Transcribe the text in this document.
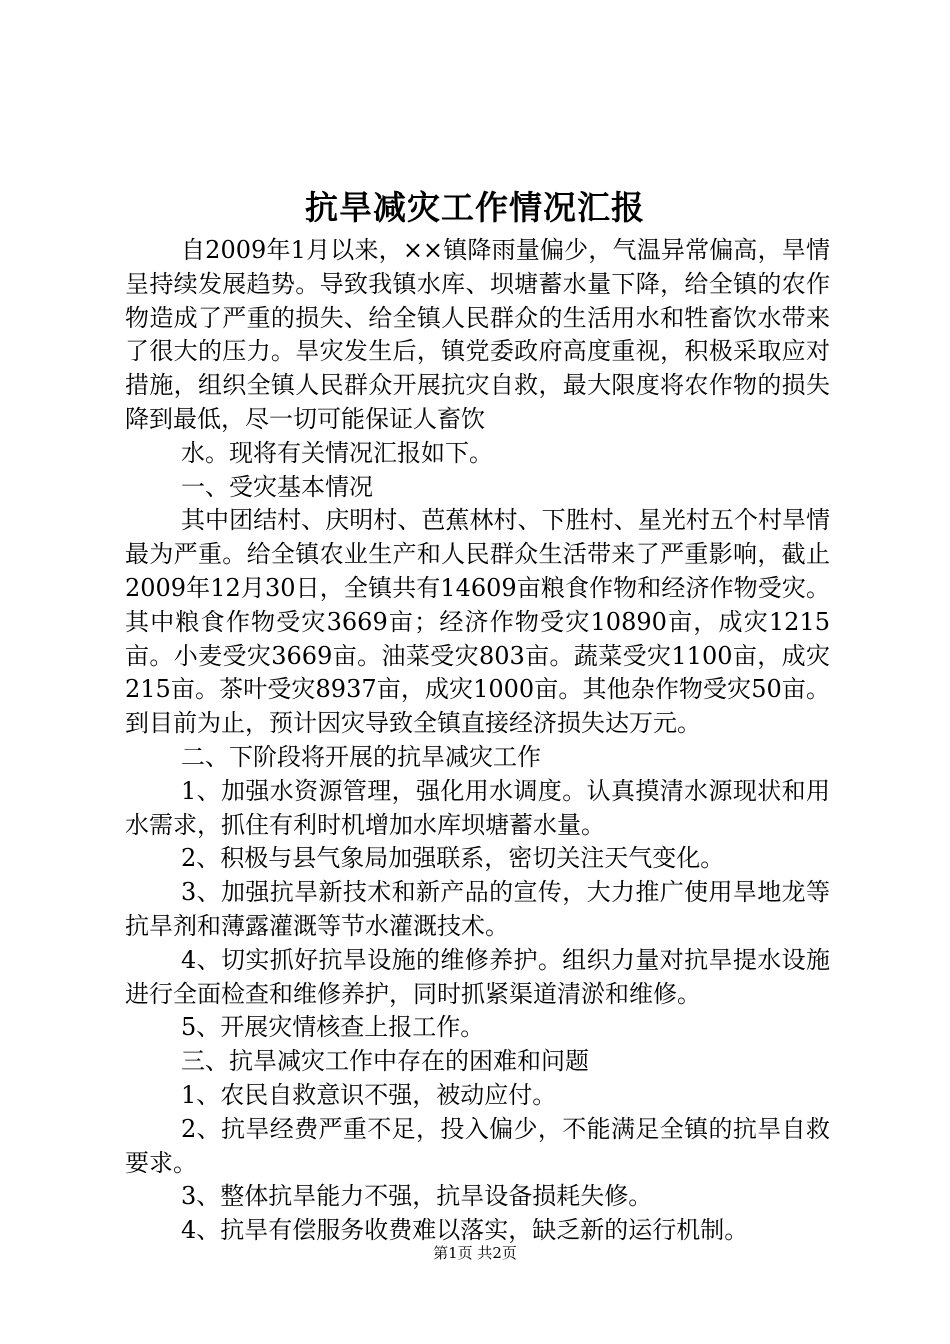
抗旱减灾工作情况汇报

自2009年1月以来，××镇降雨量偏少，气温异常偏高，旱情呈持续发展趋势。导致我镇水库、坝塘蓄水量下降，给全镇的农作物造成了严重的损失、给全镇人民群众的生活用水和牲畜饮水带来了很大的压力。旱灾发生后，镇党委政府高度重视，积极采取应对措施，组织全镇人民群众开展抗灾自救，最大限度将农作物的损失降到最低，尽一切可能保证人畜饮

水。现将有关情况汇报如下。

一、受灾基本情况

其中团结村、庆明村、芭蕉林村、下胜村、星光村五个村旱情最为严重。给全镇农业生产和人民群众生活带来了严重影响，截止2009年12月30日，全镇共有14609亩粮食作物和经济作物受灾。其中粮食作物受灾3669亩；经济作物受灾10890亩，成灾1215亩。小麦受灾3669亩。油菜受灾803亩。蔬菜受灾1100亩，成灾215亩。茶叶受灾8937亩，成灾1000亩。其他杂作物受灾50亩。到目前为止，预计因灾导致全镇直接经济损失达万元。

二、下阶段将开展的抗旱减灾工作

1、加强水资源管理，强化用水调度。认真摸清水源现状和用水需求，抓住有利时机增加水库坝塘蓄水量。

2、积极与县气象局加强联系，密切关注天气变化。

3、加强抗旱新技术和新产品的宣传，大力推广使用旱地龙等抗旱剂和薄露灌溉等节水灌溉技术。

4、切实抓好抗旱设施的维修养护。组织力量对抗旱提水设施进行全面检查和维修养护，同时抓紧渠道清淤和维修。

5、开展灾情核查上报工作。

三、抗旱减灾工作中存在的困难和问题

1、农民自救意识不强，被动应付。

2、抗旱经费严重不足，投入偏少，不能满足全镇的抗旱自救要求。

3、整体抗旱能力不强，抗旱设备损耗失修。

4、抗旱有偿服务收费难以落实，缺乏新的运行机制。

第1页 共2页
